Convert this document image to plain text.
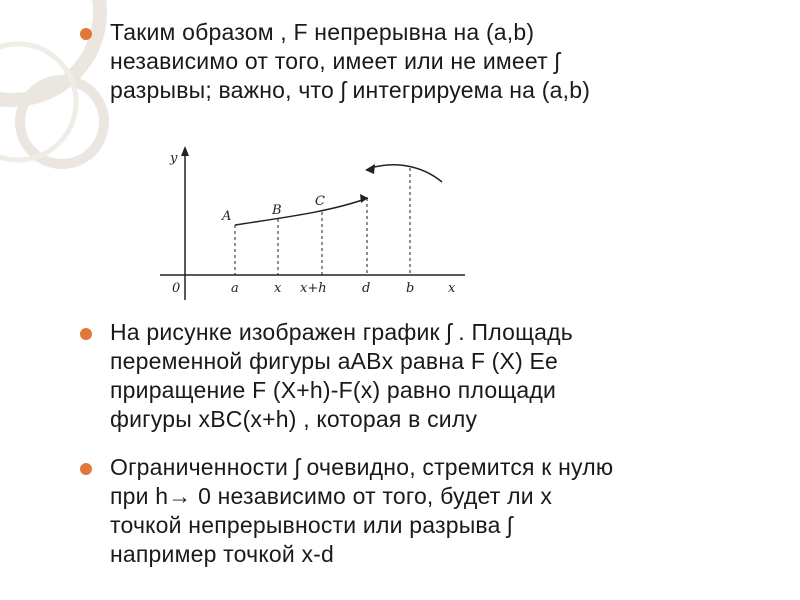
Таким образом , F непрерывна на (a,b)
независимо от того, имеет или не имеет ʃ
разрывы; важно, что ʃ интегрируема на (a,b)
y
0	x
a	x x+h	d	b
A	B
C
На рисунке изображен график ʃ . Площадь
переменной фигуры aABx равна F (X) Ее
приращение F (X+h)-F(x) равно площади
фигуры xBC(x+h) , которая в силу
Ограниченности ʃ очевидно, стремится к нулю
при h→ 0 независимо от того, будет ли x
точкой непрерывности или разрыва ʃ
например точкой x-d
